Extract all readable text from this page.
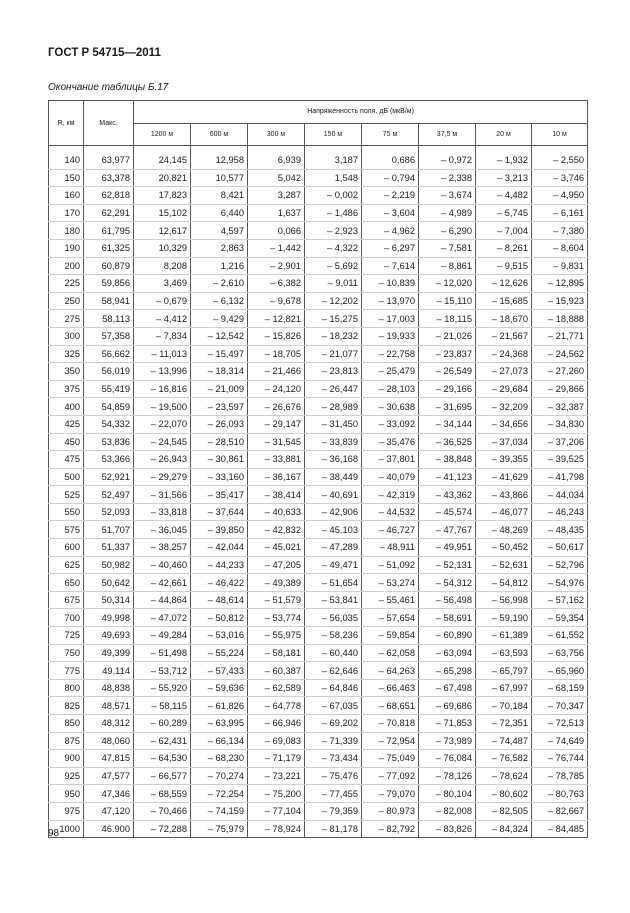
ГОСТ Р 54715—2011
Окончание таблицы Б.17
R, км	Макс.	Напряженность поля, дБ (мкВ/м)							
		1200 м	600 м	300 м	150 м	75 м	37,5 м	20 м	10 м

140	63,977	24,145	12,958	6,939	3,187	0,686	– 0,972	– 1,932	– 2,550
150	63,378	20,821	10,577	5,042	1,548	– 0,794	– 2,338	– 3,213	– 3,746
160	62,818	17,823	8,421	3,287	– 0,002	– 2,219	– 3,674	– 4,482	– 4,950
170	62,291	15,102	6,440	1,637	– 1,486	– 3,604	– 4,989	– 5,745	– 6,161
180	61,795	12,617	4,597	0,066	– 2,923	– 4,962	– 6,290	– 7,004	– 7,380
190	61,325	10,329	2,863	– 1,442	– 4,322	– 6,297	– 7,581	– 8,261	– 8,604
200	60,879	8,208	1,216	– 2,901	– 5,692	– 7,614	– 8,861	– 9,515	– 9,831
225	59,856	3,469	– 2,610	– 6,382	– 9,011	– 10,839	– 12,020	– 12,626	– 12,895
250	58,941	– 0,679	– 6,132	– 9,678	– 12,202	– 13,970	– 15,110	– 15,685	– 15,923
275	58,113	– 4,412	– 9,429	– 12,821	– 15,275	– 17,003	– 18,115	– 18,670	– 18,888
300	57,358	– 7,834	– 12,542	– 15,826	– 18,232	– 19,933	– 21,026	– 21,567	– 21,771
325	56,662	– 11,013	– 15,497	– 18,705	– 21,077	– 22,758	– 23,837	– 24,368	– 24,562
350	56,019	– 13,996	– 18,314	– 21,466	– 23,813	– 25,479	– 26,549	– 27,073	– 27,260
375	55,419	– 16,816	– 21,009	– 24,120	– 26,447	– 28,103	– 29,166	– 29,684	– 29,866
400	54,859	– 19,500	– 23,597	– 26,676	– 28,989	– 30,638	– 31,695	– 32,209	– 32,387
425	54,332	– 22,070	– 26,093	– 29,147	– 31,450	– 33,092	– 34,144	– 34,656	– 34,830
450	53,836	– 24,545	– 28,510	– 31,545	– 33,839	– 35,476	– 36,525	– 37,034	– 37,206
475	53,366	– 26,943	– 30,861	– 33,881	– 36,168	– 37,801	– 38,848	– 39,355	– 39,525
500	52,921	– 29,279	– 33,160	– 36,167	– 38,449	– 40,079	– 41,123	– 41,629	– 41,798
525	52,497	– 31,566	– 35,417	– 38,414	– 40,691	– 42,319	– 43,362	– 43,866	– 44,034
550	52,093	– 33,818	– 37,644	– 40,633	– 42,906	– 44,532	– 45,574	– 46,077	– 46,243
575	51,707	– 36,045	– 39,850	– 42,832	– 45.103	– 46,727	– 47,767	– 48,269	– 48,435
600	51,337	– 38,257	– 42,044	– 45,021	– 47,289	– 48,911	– 49,951	– 50,452	– 50,617
625	50,982	– 40,460	– 44,233	– 47,205	– 49,471	– 51,092	– 52,131	– 52,631	– 52,796
650	50,642	– 42,661	– 46,422	– 49,389	– 51,654	– 53,274	– 54,312	– 54,812	– 54,976
675	50,314	– 44,864	– 48,614	– 51,579	– 53,841	– 55,461	– 56,498	– 56,998	– 57,162
700	49,998	– 47,072	– 50,812	– 53,774	– 56,035	– 57,654	– 58,691	– 59,190	– 59,354
725	49,693	– 49,284	– 53,016	– 55,975	– 58,236	– 59,854	– 60,890	– 61,389	– 61,552
750	49,399	– 51,498	– 55,224	– 58,181	– 60,440	– 62,058	– 63,094	– 63,593	– 63,756
775	49,114	– 53,712	– 57,433	– 60,387	– 62,646	– 64,263	– 65,298	– 65,797	– 65,960
800	48,838	– 55,920	– 59,636	– 62,589	– 64,846	– 66,463	– 67,498	– 67,997	– 68,159
825	48,571	– 58,115	– 61,826	– 64,778	– 67,035	– 68,651	– 69,686	– 70,184	– 70,347
850	48,312	– 60,289	– 63,995	– 66,946	– 69,202	– 70,818	– 71,853	– 72,351	– 72,513
875	48,060	– 62,431	– 66,134	– 69,083	– 71,339	– 72,954	– 73,989	– 74,487	– 74,649
900	47,815	– 64,530	– 68,230	– 71,179	– 73,434	– 75,049	– 76,084	– 76,582	– 76,744
925	47,577	– 66,577	– 70,274	– 73,221	– 75,476	– 77,092	– 78,126	– 78,624	– 78,785
950	47,346	– 68,559	– 72,254	– 75,200	– 77,455	– 79,070	– 80,104	– 80,602	– 80,763
975	47,120	– 70,466	– 74,159	– 77,104	– 79,359	– 80,973	– 82,008	– 82,505	– 82,667
1000	46.900	– 72,288	– 75,979	– 78,924	– 81,178	– 82,792	– 83,826	– 84,324	– 84,485
98
